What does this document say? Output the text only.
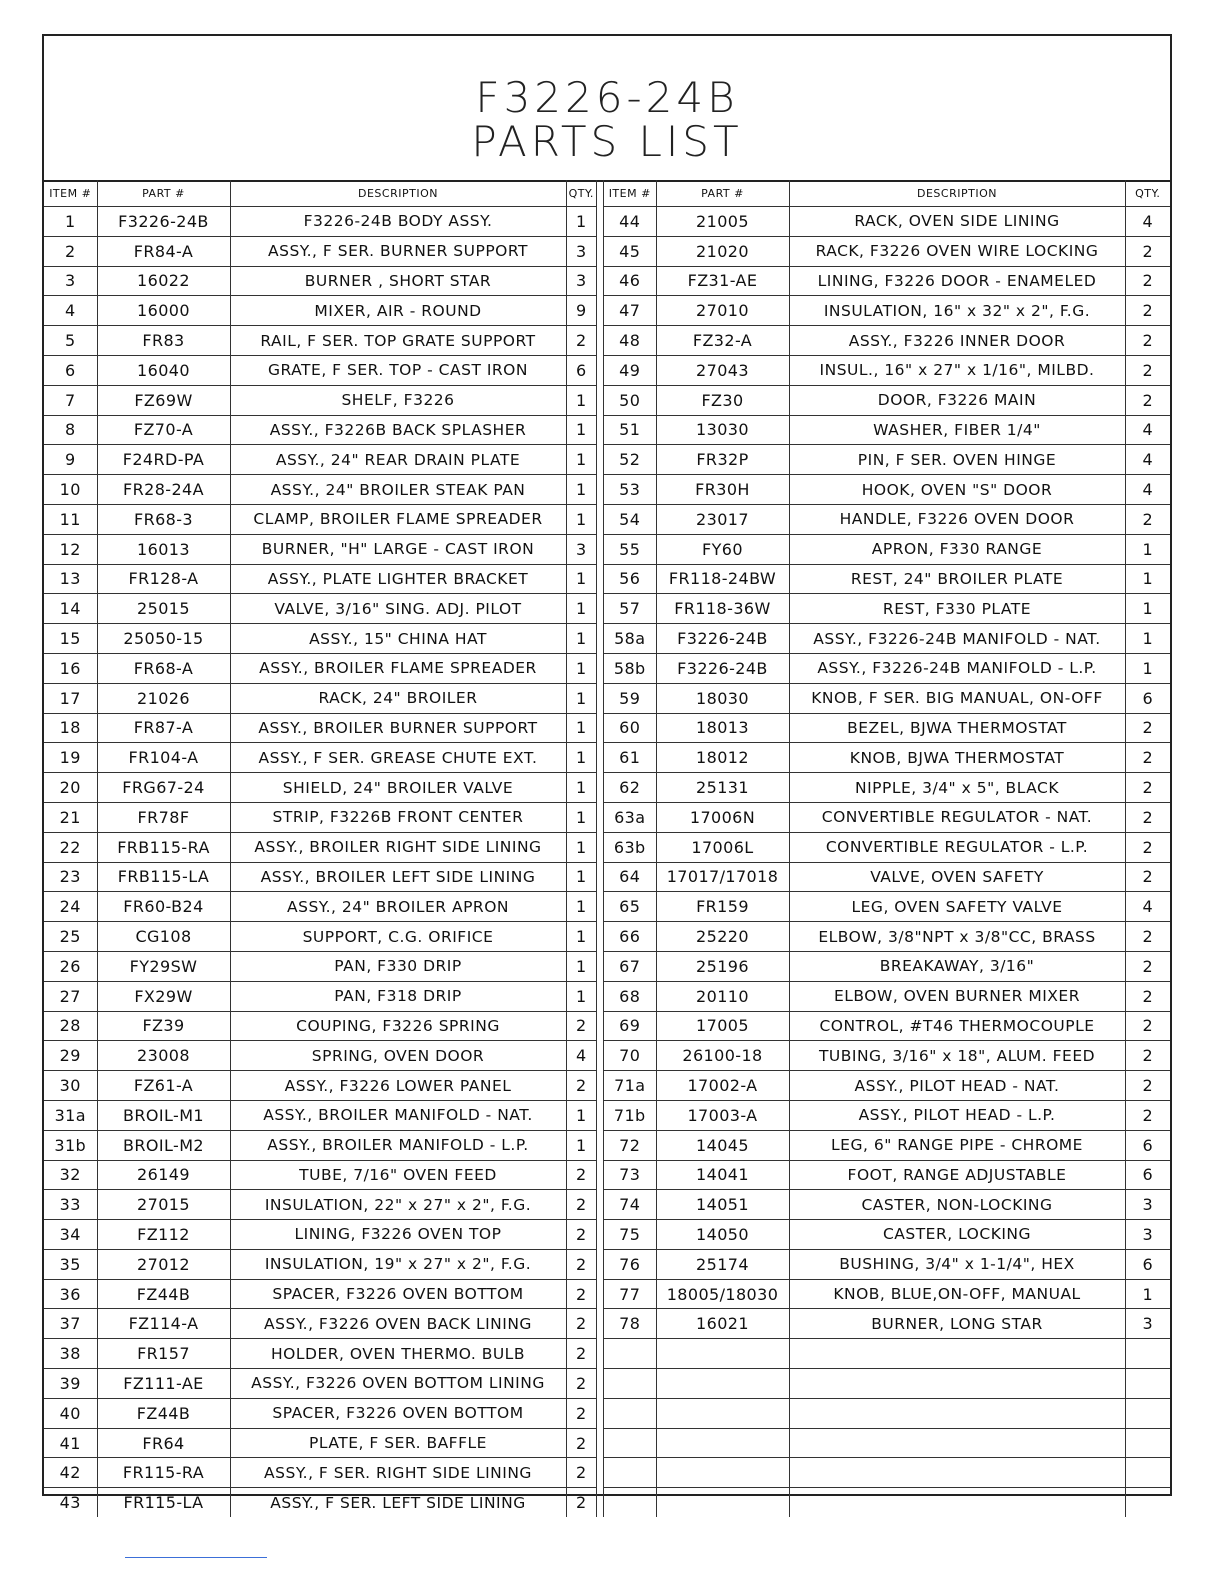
F3226-24B
PARTS LIST
ITEM #	PART #	DESCRIPTION	QTY.
1	F3226-24B	F3226-24B BODY ASSY.	1
2	FR84-A	ASSY., F SER. BURNER SUPPORT	3
3	16022	BURNER , SHORT STAR	3
4	16000	MIXER, AIR - ROUND	9
5	FR83	RAIL, F SER. TOP GRATE SUPPORT	2
6	16040	GRATE, F SER. TOP - CAST IRON	6
7	FZ69W	SHELF, F3226	1
8	FZ70-A	ASSY., F3226B BACK SPLASHER	1
9	F24RD-PA	ASSY., 24" REAR DRAIN PLATE	1
10	FR28-24A	ASSY., 24" BROILER STEAK PAN	1
11	FR68-3	CLAMP, BROILER FLAME SPREADER	1
12	16013	BURNER, "H" LARGE - CAST IRON	3
13	FR128-A	ASSY., PLATE LIGHTER BRACKET	1
14	25015	VALVE, 3/16" SING. ADJ. PILOT	1
15	25050-15	ASSY., 15" CHINA HAT	1
16	FR68-A	ASSY., BROILER FLAME SPREADER	1
17	21026	RACK, 24" BROILER	1
18	FR87-A	ASSY., BROILER BURNER SUPPORT	1
19	FR104-A	ASSY., F SER. GREASE CHUTE EXT.	1
20	FRG67-24	SHIELD, 24" BROILER VALVE	1
21	FR78F	STRIP, F3226B FRONT CENTER	1
22	FRB115-RA	ASSY., BROILER RIGHT SIDE LINING	1
23	FRB115-LA	ASSY., BROILER LEFT SIDE LINING	1
24	FR60-B24	ASSY., 24" BROILER APRON	1
25	CG108	SUPPORT, C.G. ORIFICE	1
26	FY29SW	PAN, F330 DRIP	1
27	FX29W	PAN, F318 DRIP	1
28	FZ39	COUPING, F3226 SPRING	2
29	23008	SPRING, OVEN DOOR	4
30	FZ61-A	ASSY., F3226 LOWER PANEL	2
31a	BROIL-M1	ASSY., BROILER MANIFOLD - NAT.	1
31b	BROIL-M2	ASSY., BROILER MANIFOLD - L.P.	1
32	26149	TUBE, 7/16" OVEN FEED	2
33	27015	INSULATION, 22" x 27" x 2", F.G.	2
34	FZ112	LINING, F3226 OVEN TOP	2
35	27012	INSULATION, 19" x 27" x 2", F.G.	2
36	FZ44B	SPACER, F3226 OVEN BOTTOM	2
37	FZ114-A	ASSY., F3226 OVEN BACK LINING	2
38	FR157	HOLDER, OVEN THERMO. BULB	2
39	FZ111-AE	ASSY., F3226 OVEN BOTTOM LINING	2
40	FZ44B	SPACER, F3226 OVEN BOTTOM	2
41	FR64	PLATE, F SER. BAFFLE	2
42	FR115-RA	ASSY., F SER. RIGHT SIDE LINING	2
43	FR115-LA	ASSY., F SER. LEFT SIDE LINING	2
ITEM #	PART #	DESCRIPTION	QTY.
44	21005	RACK, OVEN SIDE LINING	4
45	21020	RACK, F3226 OVEN WIRE LOCKING	2
46	FZ31-AE	LINING, F3226 DOOR - ENAMELED	2
47	27010	INSULATION, 16" x 32" x 2", F.G.	2
48	FZ32-A	ASSY., F3226 INNER DOOR	2
49	27043	INSUL., 16" x 27" x 1/16", MILBD.	2
50	FZ30	DOOR, F3226 MAIN	2
51	13030	WASHER, FIBER 1/4"	4
52	FR32P	PIN, F SER. OVEN HINGE	4
53	FR30H	HOOK, OVEN "S" DOOR	4
54	23017	HANDLE, F3226 OVEN DOOR	2
55	FY60	APRON, F330 RANGE	1
56	FR118-24BW	REST, 24" BROILER PLATE	1
57	FR118-36W	REST, F330 PLATE	1
58a	F3226-24B	ASSY., F3226-24B MANIFOLD - NAT.	1
58b	F3226-24B	ASSY., F3226-24B MANIFOLD - L.P.	1
59	18030	KNOB, F SER. BIG MANUAL, ON-OFF	6
60	18013	BEZEL, BJWA THERMOSTAT	2
61	18012	KNOB, BJWA THERMOSTAT	2
62	25131	NIPPLE, 3/4" x 5", BLACK	2
63a	17006N	CONVERTIBLE REGULATOR - NAT.	2
63b	17006L	CONVERTIBLE REGULATOR - L.P.	2
64	17017/17018	VALVE, OVEN SAFETY	2
65	FR159	LEG, OVEN SAFETY VALVE	4
66	25220	ELBOW, 3/8"NPT x 3/8"CC, BRASS	2
67	25196	BREAKAWAY, 3/16"	2
68	20110	ELBOW, OVEN BURNER MIXER	2
69	17005	CONTROL, #T46 THERMOCOUPLE	2
70	26100-18	TUBING, 3/16" x 18", ALUM. FEED	2
71a	17002-A	ASSY., PILOT HEAD - NAT.	2
71b	17003-A	ASSY., PILOT HEAD - L.P.	2
72	14045	LEG, 6" RANGE PIPE - CHROME	6
73	14041	FOOT, RANGE ADJUSTABLE	6
74	14051	CASTER, NON-LOCKING	3
75	14050	CASTER, LOCKING	3
76	25174	BUSHING, 3/4" x 1-1/4", HEX	6
77	18005/18030	KNOB, BLUE,ON-OFF, MANUAL	1
78	16021	BURNER, LONG STAR	3
